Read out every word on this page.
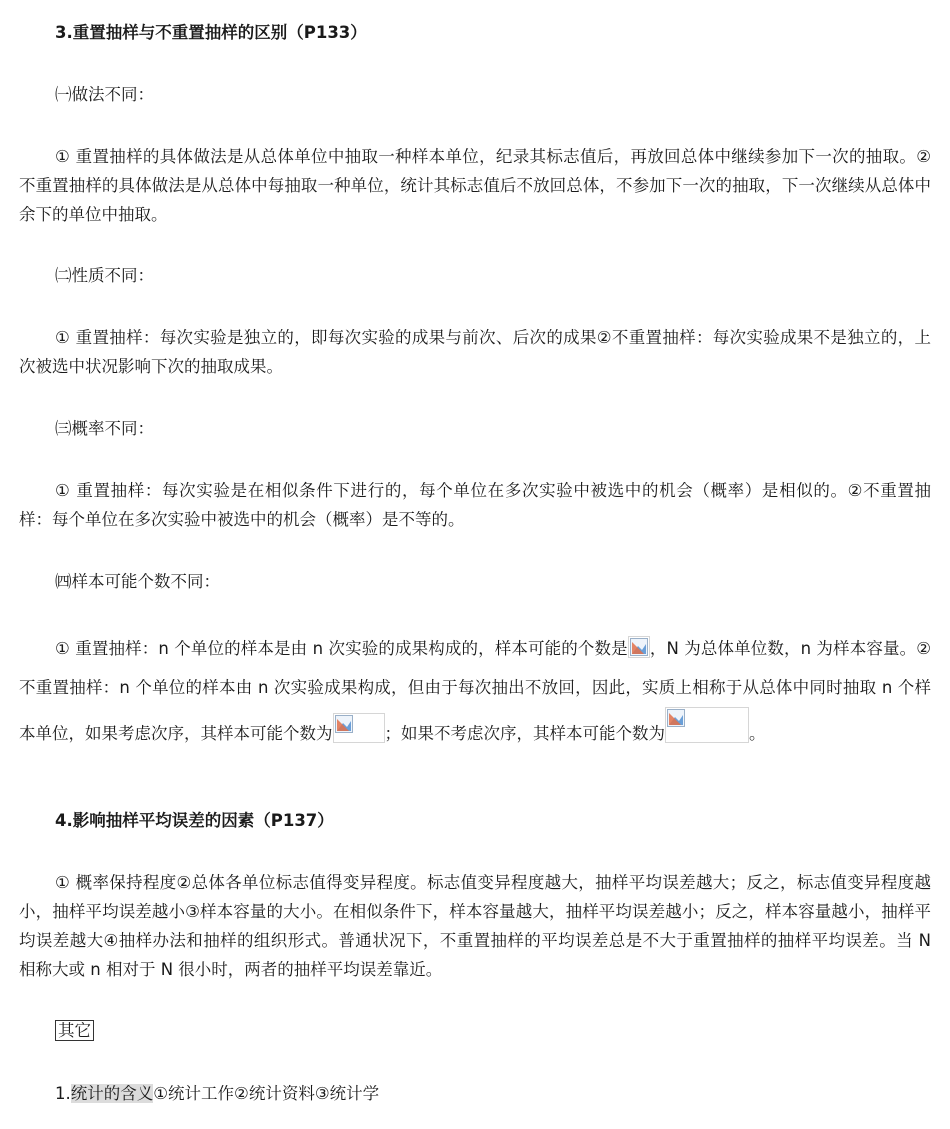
3.重置抽样与不重置抽样的区别（P133）
㈠做法不同：
① 重置抽样的具体做法是从总体单位中抽取一种样本单位，纪录其标志值后，再放回总体中继续参加下一次的抽取。②不重置抽样的具体做法是从总体中每抽取一种单位，统计其标志值后不放回总体，不参加下一次的抽取，下一次继续从总体中余下的单位中抽取。
㈡性质不同：
① 重置抽样：每次实验是独立的，即每次实验的成果与前次、后次的成果②不重置抽样：每次实验成果不是独立的，上次被选中状况影响下次的抽取成果。
㈢概率不同：
① 重置抽样：每次实验是在相似条件下进行的，每个单位在多次实验中被选中的机会（概率）是相似的。②不重置抽样：每个单位在多次实验中被选中的机会（概率）是不等的。
㈣样本可能个数不同：
① 重置抽样：n 个单位的样本是由 n 次实验的成果构成的，样本可能的个数是 ，N 为总体单位数，n 为样本容量。②不重置抽样：n 个单位的样本由 n 次实验成果构成，但由于每次抽出不放回，因此，实质上相称于从总体中同时抽取 n 个样本单位，如果考虑次序，其样本可能个数为	；如果不考虑次序，其样本可能个数为	。
4.影响抽样平均误差的因素（P137）
① 概率保持程度②总体各单位标志值得变异程度。标志值变异程度越大，抽样平均误差越大；反之，标志值变异程度越小，抽样平均误差越小③样本容量的大小。在相似条件下，样本容量越大，抽样平均误差越小；反之，样本容量越小，抽样平均误差越大④抽样办法和抽样的组织形式。普通状况下，不重置抽样的平均误差总是不大于重置抽样的抽样平均误差。当 N 相称大或 n 相对于 N 很小时，两者的抽样平均误差靠近。
其它
1.统计的含义①统计工作②统计资料③统计学
